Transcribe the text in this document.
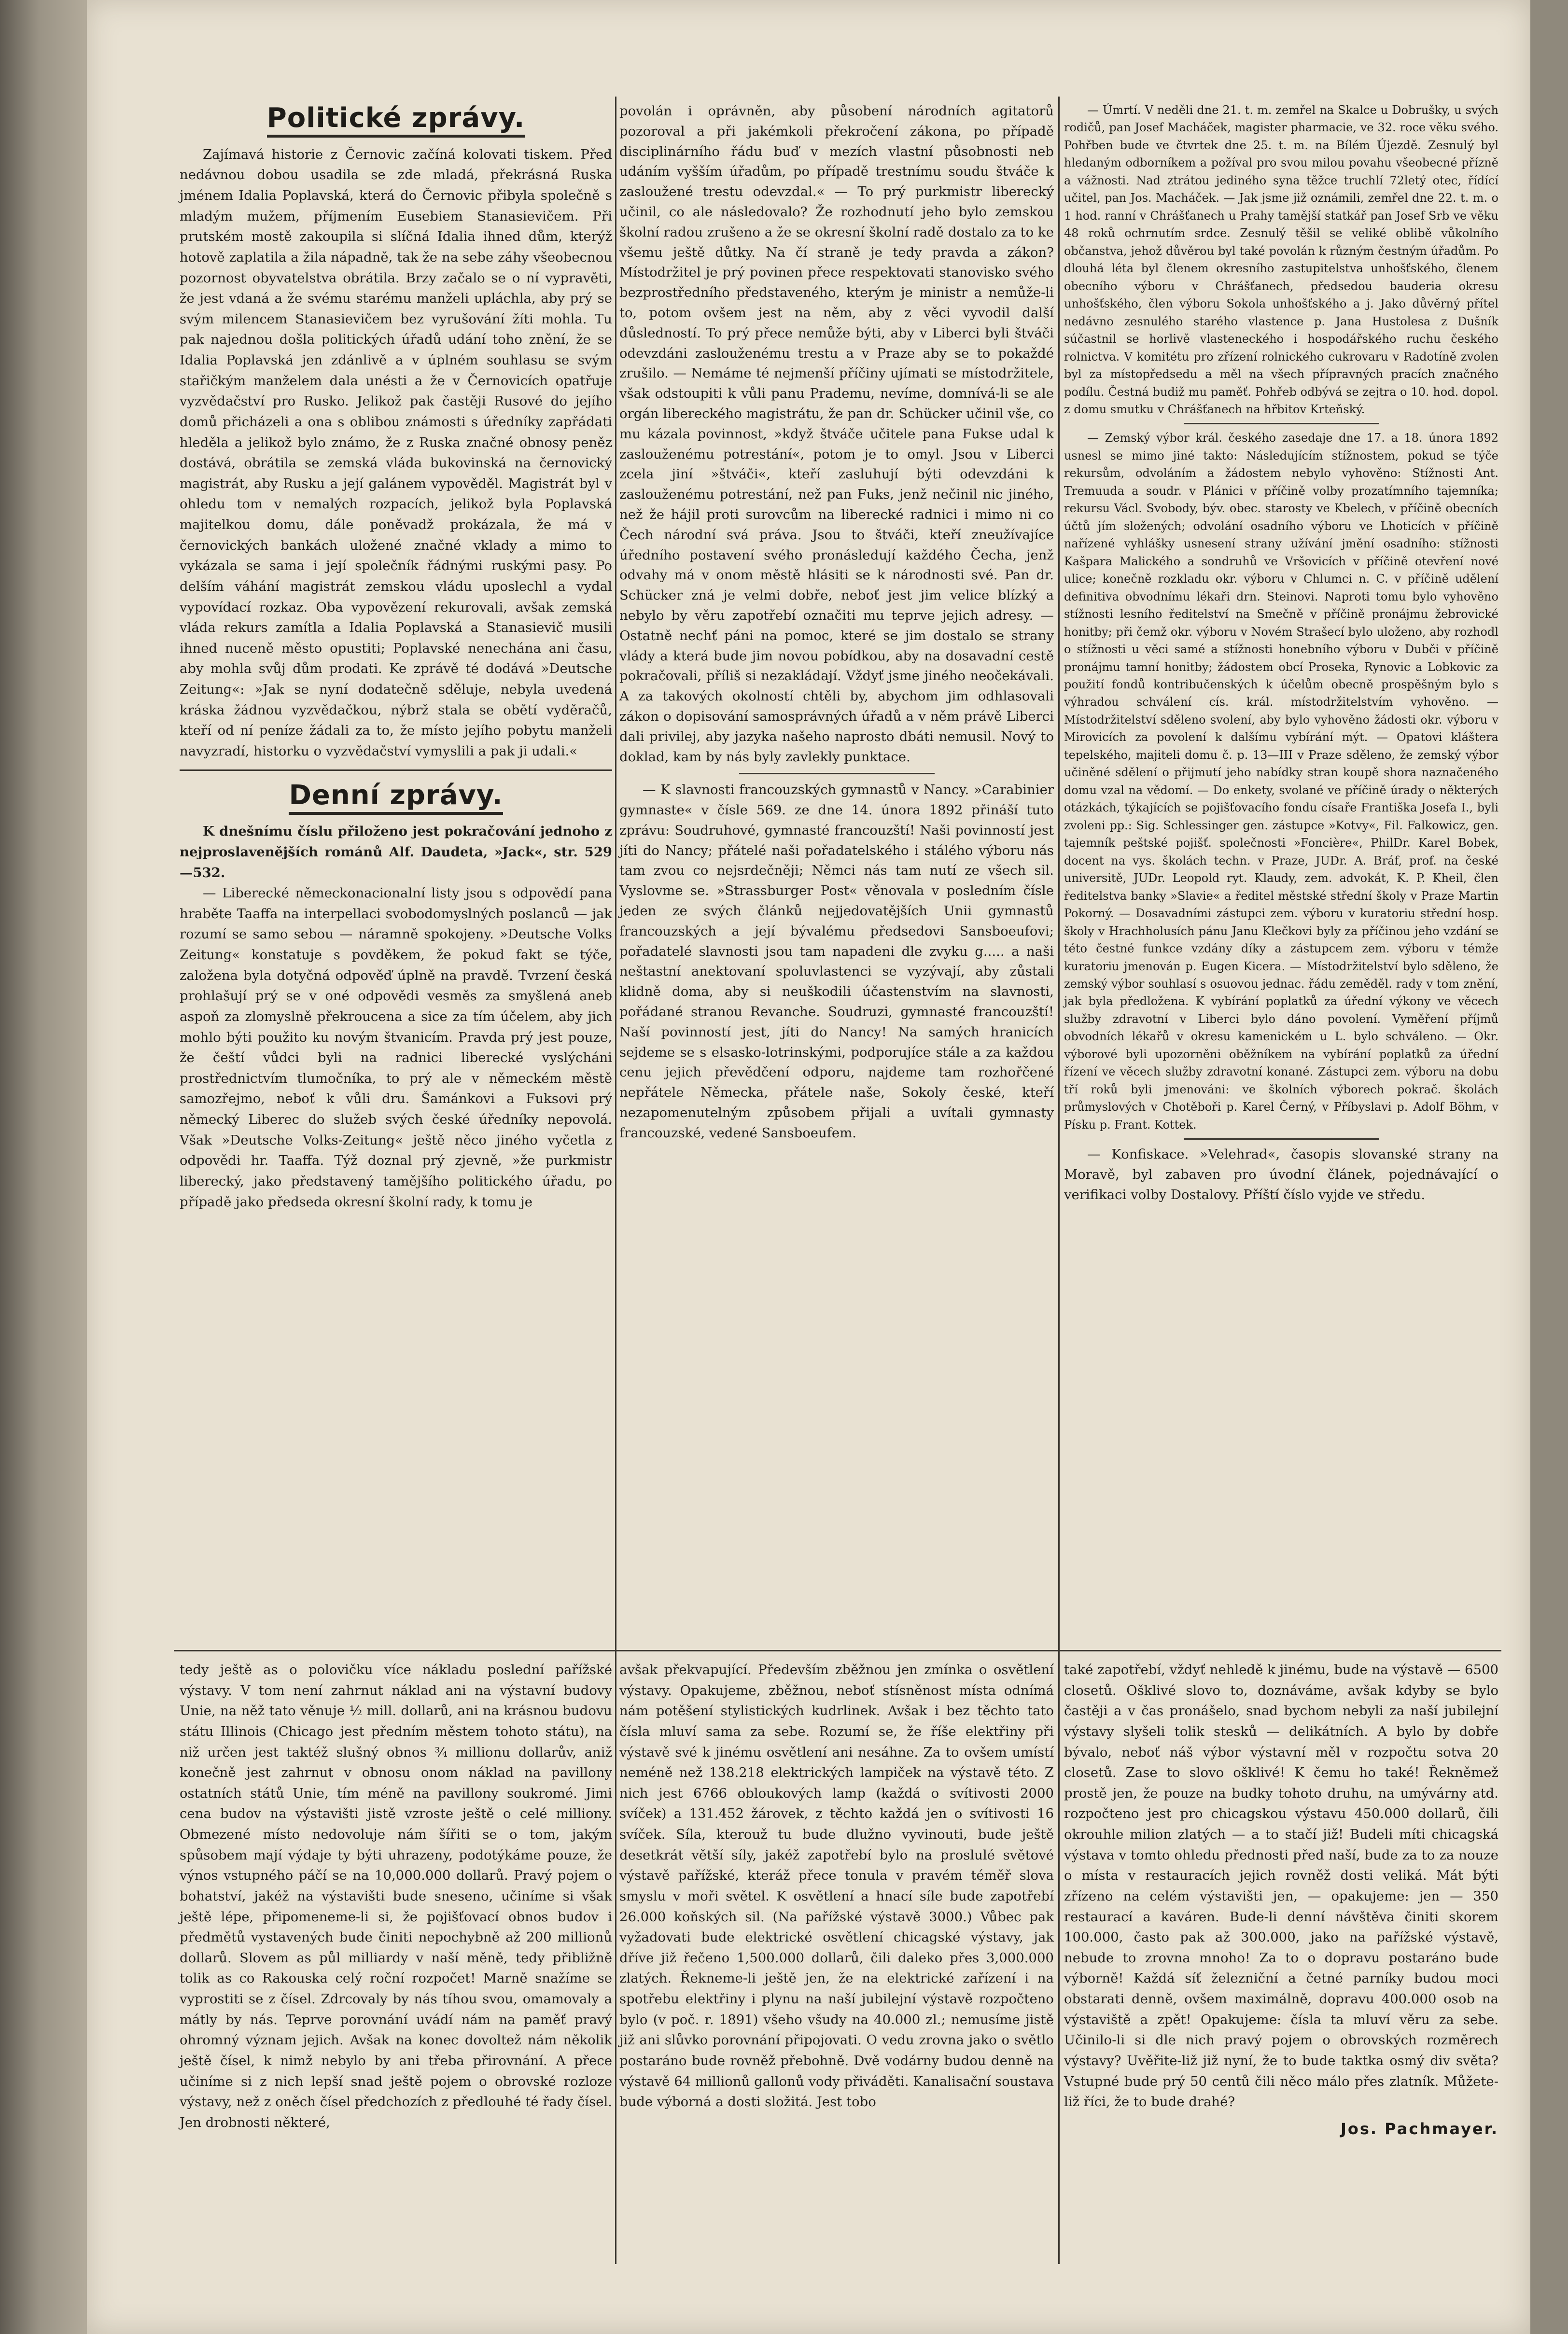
Politické zprávy.

Zajímavá historie z Černovic začíná kolovati tiskem. Před nedávnou dobou usadila se zde mladá, překrásná Ruska jménem Idalia Poplavská, která do Černovic přibyla společně s mladým mužem, příjmením Eusebiem Stanasievičem. Při prutském mostě zakoupila si slíčná Idalia ihned dům, kterýž hotově zaplatila a žila nápadně, tak že na sebe záhy všeobecnou pozornost obyvatelstva obrátila. Brzy začalo se o ní vypravěti, že jest vdaná a že svému starému manželi upláchla, aby prý se svým milencem Stanasievičem bez vyrušování žíti mohla. Tu pak najednou došla politických úřadů udání toho znění, že se Idalia Poplavská jen zdánlivě a v úplném souhlasu se svým stařičkým manželem dala unésti a že v Černovicích opatřuje vyzvědačství pro Rusko. Jelikož pak častěji Rusové do jejího domů přicházeli a ona s oblibou známosti s úředníky zapřádati hleděla a jelikož bylo známo, že z Ruska značné obnosy peněz dostává, obrátila se zemská vláda bukovinská na černovický magistrát, aby Rusku a její galánem vypověděl. Magistrát byl v ohledu tom v nemalých rozpacích, jelikož byla Poplavská majitelkou domu, dále poněvadž prokázala, že má v černovických bankách uložené značné vklady a mimo to vykázala se sama i její společník řádnými ruskými pasy. Po delším váhání magistrát zemskou vládu uposlechl a vydal vypovídací rozkaz. Oba vypovězení rekurovali, avšak zemská vláda rekurs zamítla a Idalia Poplavská a Stanasievič musili ihned nuceně město opustiti; Poplavské nenechána ani času, aby mohla svůj dům prodati. Ke zprávě té dodává »Deutsche Zeitung«: »Jak se nyní dodatečně sděluje, nebyla uvedená kráska žádnou vyzvědačkou, nýbrž stala se obětí vyděračů, kteří od ní peníze žádali za to, že místo jejího pobytu manželi navyzradí, historku o vyzvědačství vymyslili a pak ji udali.«

Denní zprávy.

K dnešnímu číslu přiloženo jest pokračování jednoho z nejproslavenějších románů Alf. Daudeta, »Jack«, str. 529—532.

— Liberecké německonacionalní listy jsou s odpovědí pana hraběte Taaffa na interpellaci svobodomyslných poslanců — jak rozumí se samo sebou — náramně spokojeny. »Deutsche Volks Zeitung« konstatuje s povděkem, že pokud fakt se týče, založena byla dotyčná odpověď úplně na pravdě. Tvrzení česká prohlašují prý se v oné odpovědi vesměs za smyšlená aneb aspoň za zlomyslně překroucena a sice za tím účelem, aby jich mohlo býti použito ku novým štvanicím. Pravda prý jest pouze, že čeští vůdci byli na radnici liberecké vyslýcháni prostřednictvím tlumočníka, to prý ale v německém městě samozřejmo, neboť k vůli dru. Šamánkovi a Fuksovi prý německý Liberec do služeb svých české úředníky nepovolá. Však »Deutsche Volks-Zeitung« ještě něco jiného vyčetla z odpovědi hr. Taaffa. Týž doznal prý zjevně, »že purkmistr liberecký, jako představený tamějšího politického úřadu, po případě jako předseda okresní školní rady, k tomu je

povolán i oprávněn, aby působení národních agitatorů pozoroval a při jakémkoli překročení zákona, po případě disciplinárního řádu buď v mezích vlastní působnosti neb udáním vyšším úřadům, po případě trestnímu soudu štváče k zasloužené trestu odevzdal.« — To prý purkmistr liberecký učinil, co ale následovalo? Že rozhodnutí jeho bylo zemskou školní radou zrušeno a že se okresní školní radě dostalo za to ke všemu ještě důtky. Na čí straně je tedy pravda a zákon? Místodržitel je prý povinen přece respektovati stanovisko svého bezprostředního představeného, kterým je ministr a nemůže-li to, potom ovšem jest na něm, aby z věci vyvodil další důsledností. To prý přece nemůže býti, aby v Liberci byli štváči odevzdáni zaslouženému trestu a v Praze aby se to pokaždé zrušilo. — Nemáme té nejmenší příčiny ujímati se místodržitele, však odstoupiti k vůli panu Prademu, nevíme, domnívá-li se ale orgán libereckého magistrátu, že pan dr. Schücker učinil vše, co mu kázala povinnost, »když štváče učitele pana Fukse udal k zaslouženému potrestání«, potom je to omyl. Jsou v Liberci zcela jiní »štváči«, kteří zasluhují býti odevzdáni k zaslouženému potrestání, než pan Fuks, jenž nečinil nic jiného, než že hájil proti surovcům na liberecké radnici i mimo ni co Čech národní svá práva. Jsou to štváči, kteří zneužívajíce úředního postavení svého pronásledují každého Čecha, jenž odvahy má v onom městě hlásiti se k národnosti své. Pan dr. Schücker zná je velmi dobře, neboť jest jim velice blízký a nebylo by věru zapotřebí označiti mu teprve jejich adresy. — Ostatně nechť páni na pomoc, které se jim dostalo se strany vlády a která bude jim novou pobídkou, aby na dosavadní cestě pokračovali, příliš si nezakládají. Vždyť jsme jiného neočekávali. A za takových okolností chtěli by, abychom jim odhlasovali zákon o dopisování samosprávných úřadů a v něm právě Liberci dali privilej, aby jazyka našeho naprosto dbáti nemusil. Nový to doklad, kam by nás byly zavlekly punktace.

— K slavnosti francouzských gymnastů v Nancy. »Carabinier gymnaste« v čísle 569. ze dne 14. února 1892 přináší tuto zprávu: Soudruhové, gymnasté francouzští! Naši povinností jest jíti do Nancy; přátelé naši pořadatelského i stálého výboru nás tam zvou co nejsrdečněji; Němci nás tam nutí ze všech sil. Vyslovme se. »Strassburger Post« věnovala v posledním čísle jeden ze svých článků nejjedovatějších Unii gymnastů francouzských a její bývalému předsedovi Sansboeufovi; pořadatelé slavnosti jsou tam napadeni dle zvyku g..... a naši neštastní anektovaní spoluvlastenci se vyzývají, aby zůstali klidně doma, aby si neuškodili účastenstvím na slavnosti, pořádané stranou Revanche. Soudruzi, gymnasté francouzští! Naší povinností jest, jíti do Nancy! Na samých hranicích sejdeme se s elsasko-lotrinskými, podporujíce stále a za každou cenu jejich převědčení odporu, najdeme tam rozhořčené nepřátele Německa, přátele naše, Sokoly české, kteří nezapomenutelným způsobem přijali a uvítali gymnasty francouzské, vedené Sansboeufem.

— Úmrtí. V neděli dne 21. t. m. zemřel na Skalce u Dobrušky, u svých rodičů, pan Josef Macháček, magister pharmacie, ve 32. roce věku svého. Pohřben bude ve čtvrtek dne 25. t. m. na Bílém Újezdě. Zesnulý byl hledaným odborníkem a požíval pro svou milou povahu všeobecné přízně a vážnosti. Nad ztrátou jediného syna těžce truchlí 72letý otec, řídící učitel, pan Jos. Macháček. — Jak jsme již oznámili, zemřel dne 22. t. m. o 1 hod. ranní v Chrášťanech u Prahy tamější statkář pan Josef Srb ve věku 48 roků ochrnutím srdce. Zesnulý těšil se veliké oblibě vůkolního občanstva, jehož důvěrou byl také povolán k různým čestným úřadům. Po dlouhá léta byl členem okresního zastupitelstva unhošťského, členem obecního výboru v Chrášťanech, předsedou bauderia okresu unhošťského, člen výboru Sokola unhošťského a j. Jako důvěrný přítel nedávno zesnulého starého vlastence p. Jana Hustolesa z Dušník súčastnil se horlivě vlasteneckého i hospodářského ruchu českého rolnictva. V komitétu pro zřízení rolnického cukrovaru v Radotíně zvolen byl za místopředsedu a měl na všech přípravných pracích značného podílu. Čestná budiž mu paměť. Pohřeb odbývá se zejtra o 10. hod. dopol. z domu smutku v Chrášťanech na hřbitov Krteňský.

— Zemský výbor král. českého zasedaje dne 17. a 18. února 1892 usnesl se mimo jiné takto: Následujícím stížnostem, pokud se týče rekursům, odvoláním a žádostem nebylo vyhověno: Stížnosti Ant. Tremuuda a soudr. v Plánici v příčině volby prozatímního tajemníka; rekursu Václ. Svobody, býv. obec. starosty ve Kbelech, v příčině obecních účtů jím složených; odvolání osadního výboru ve Lhoticích v příčině nařízené vyhlášky usnesení strany užívání jmění osadního: stížnosti Kašpara Malického a sondruhů ve Vršovicích v příčině otevření nové ulice; konečně rozkladu okr. výboru v Chlumci n. C. v příčině udělení definitiva obvodnímu lékaři drn. Steinovi. Naproti tomu bylo vyhověno stížnosti lesního ředitelství na Smečně v příčině pronájmu žebrovické honitby; při čemž okr. výboru v Novém Strašecí bylo uloženo, aby rozhodl o stížnosti u věci samé a stížnosti honebního výboru v Dubči v příčině pronájmu tamní honitby; žádostem obcí Proseka, Rynovic a Lobkovic za použití fondů kontribučenských k účelům obecně prospěšným bylo s výhradou schválení cís. král. místodržitelstvím vyhověno. — Místodržitelství sděleno svolení, aby bylo vyhověno žádosti okr. výboru v Mirovicích za povolení k dalšímu vybírání mýt. — Opatovi kláštera tepelského, majiteli domu č. p. 13—III v Praze sděleno, že zemský výbor učiněné sdělení o přijmutí jeho nabídky stran koupě shora naznačeného domu vzal na vědomí. — Do enkety, svolané ve příčině úrady o některých otázkách, týkajících se pojišťovacího fondu císaře Františka Josefa I., byli zvoleni pp.: Sig. Schlessinger gen. zástupce »Kotvy«, Fil. Falkowicz, gen. tajemník peštské pojišť. společnosti »Foncière«, PhilDr. Karel Bobek, docent na vys. školách techn. v Praze, JUDr. A. Bráf, prof. na české universitě, JUDr. Leopold ryt. Klaudy, zem. advokát, K. P. Kheil, člen ředitelstva banky »Slavie« a ředitel městské střední školy v Praze Martin Pokorný. — Dosavadními zástupci zem. výboru v kuratoriu střední hosp. školy v Hrachholusích pánu Janu Klečkovi byly za příčinou jeho vzdání se této čestné funkce vzdány díky a zástupcem zem. výboru v témže kuratoriu jmenován p. Eugen Kicera. — Místodržitelství bylo sděleno, že zemský výbor souhlasí s osuovou jednac. řádu zeměděl. rady v tom znění, jak byla předložena. K vybírání poplatků za úřední výkony ve věcech služby zdravotní v Liberci bylo dáno povolení. Vyměření příjmů obvodních lékařů v okresu kamenickém u L. bylo schváleno. — Okr. výborové byli upozorněni oběžníkem na vybírání poplatků za úřední řízení ve věcech služby zdravotní konané. Zástupci zem. výboru na dobu tří roků byli jmenováni: ve školních výborech pokrač. školách průmyslových v Chotěboři p. Karel Černý, v Příbyslavi p. Adolf Böhm, v Písku p. Frant. Kottek.

— Konfiskace. »Velehrad«, časopis slovanské strany na Moravě, byl zabaven pro úvodní článek, pojednávající o verifikaci volby Dostalovy. Příští číslo vyjde ve středu.

tedy ještě as o polovičku více nákladu poslední pařížské výstavy. V tom není zahrnut náklad ani na výstavní budovy Unie, na něž tato věnuje ½ mill. dollarů, ani na krásnou budovu státu Illinois (Chicago jest předním městem tohoto státu), na niž určen jest taktéž slušný obnos ¾ millionu dollarův, aniž konečně jest zahrnut v obnosu onom náklad na pavillony ostatních států Unie, tím méně na pavillony soukromé. Jimi cena budov na výstavišti jistě vzroste ještě o celé milliony. Obmezené místo nedovoluje nám šířiti se o tom, jakým spůsobem mají výdaje ty býti uhrazeny, podotýkáme pouze, že výnos vstupného páčí se na 10,000.000 dollarů. Pravý pojem o bohatství, jakéž na výstavišti bude sneseno, učiníme si však ještě lépe, připomeneme-li si, že pojišťovací obnos budov i předmětů vystavených bude činiti nepochybně až 200 millionů dollarů. Slovem as půl milliardy v naší měně, tedy přibližně tolik as co Rakouska celý roční rozpočet! Marně snažíme se vyprostiti se z čísel. Zdrcovaly by nás tíhou svou, omamovaly a mátly by nás. Teprve porovnání uvádí nám na paměť pravý ohromný význam jejich. Avšak na konec dovoltež nám několik ještě čísel, k nimž nebylo by ani třeba přirovnání. A přece učiníme si z nich lepší snad ještě pojem o obrovské rozloze výstavy, než z oněch čísel předchozích z předlouhé té řady čísel. Jen drobnosti některé,

avšak překvapující. Především zběžnou jen zmínka o osvětlení výstavy. Opakujeme, zběžnou, neboť stísněnost místa odnímá nám potěšení stylistických kudrlinek. Avšak i bez těchto tato čísla mluví sama za sebe. Rozumí se, že říše elektřiny při výstavě své k jinému osvětlení ani nesáhne. Za to ovšem umístí neméně než 138.218 elektrických lampiček na výstavě této. Z nich jest 6766 obloukových lamp (každá o svítivosti 2000 svíček) a 131.452 žárovek, z těchto každá jen o svítivosti 16 svíček. Síla, kterouž tu bude dlužno vyvinouti, bude ještě desetkrát větší síly, jakéž zapotřebí bylo na proslulé světové výstavě pařížské, kteráž přece tonula v pravém téměř slova smyslu v moři světel. K osvětlení a hnací síle bude zapotřebí 26.000 koňských sil. (Na pařížské výstavě 3000.) Vůbec pak vyžadovati bude elektrické osvětlení chicagské výstavy, jak dříve již řečeno 1,500.000 dollarů, čili daleko přes 3,000.000 zlatých. Řekneme-li ještě jen, že na elektrické zařízení i na spotřebu elektřiny i plynu na naší jubilejní výstavě rozpočteno bylo (v poč. r. 1891) všeho všudy na 40.000 zl.; nemusíme jistě již ani slůvko porovnání připojovati. O vedu zrovna jako o světlo postaráno bude rovněž přebohně. Dvě vodárny budou denně na výstavě 64 millionů gallonů vody přiváděti. Kanalisační soustava bude výborná a dosti složitá. Jest tobo

také zapotřebí, vždyť nehledě k jinému, bude na výstavě — 6500 closetů. Ošklivé slovo to, doznáváme, avšak kdyby se bylo častěji a v čas pronášelo, snad bychom nebyli za naší jubilejní výstavy slyšeli tolik stesků — delikátních. A bylo by dobře bývalo, neboť náš výbor výstavní měl v rozpočtu sotva 20 closetů. Zase to slovo ošklivé! K čemu ho také! Řekněmež prostě jen, že pouze na budky tohoto druhu, na umývárny atd. rozpočteno jest pro chicagskou výstavu 450.000 dollarů, čili okrouhle milion zlatých — a to stačí již! Budeli míti chicagská výstava v tomto ohledu přednosti před naší, bude za to za nouze o místa v restauracích jejich rovněž dosti veliká. Mát býti zřízeno na celém výstavišti jen, — opakujeme: jen — 350 restaurací a kaváren. Bude-li denní návštěva činiti skorem 100.000, často pak až 300.000, jako na pařížské výstavě, nebude to zrovna mnoho! Za to o dopravu postaráno bude výborně! Každá síť železniční a četné parníky budou moci obstarati denně, ovšem maximálně, dopravu 400.000 osob na výstaviště a zpět! Opakujeme: čísla ta mluví věru za sebe. Učinilo-li si dle nich pravý pojem o obrovských rozměrech výstavy? Uvěřite-liž již nyní, že to bude taktka osmý div světa? Vstupné bude prý 50 centů čili něco málo přes zlatník. Můžete-liž říci, že to bude drahé?

Jos. Pachmayer.
